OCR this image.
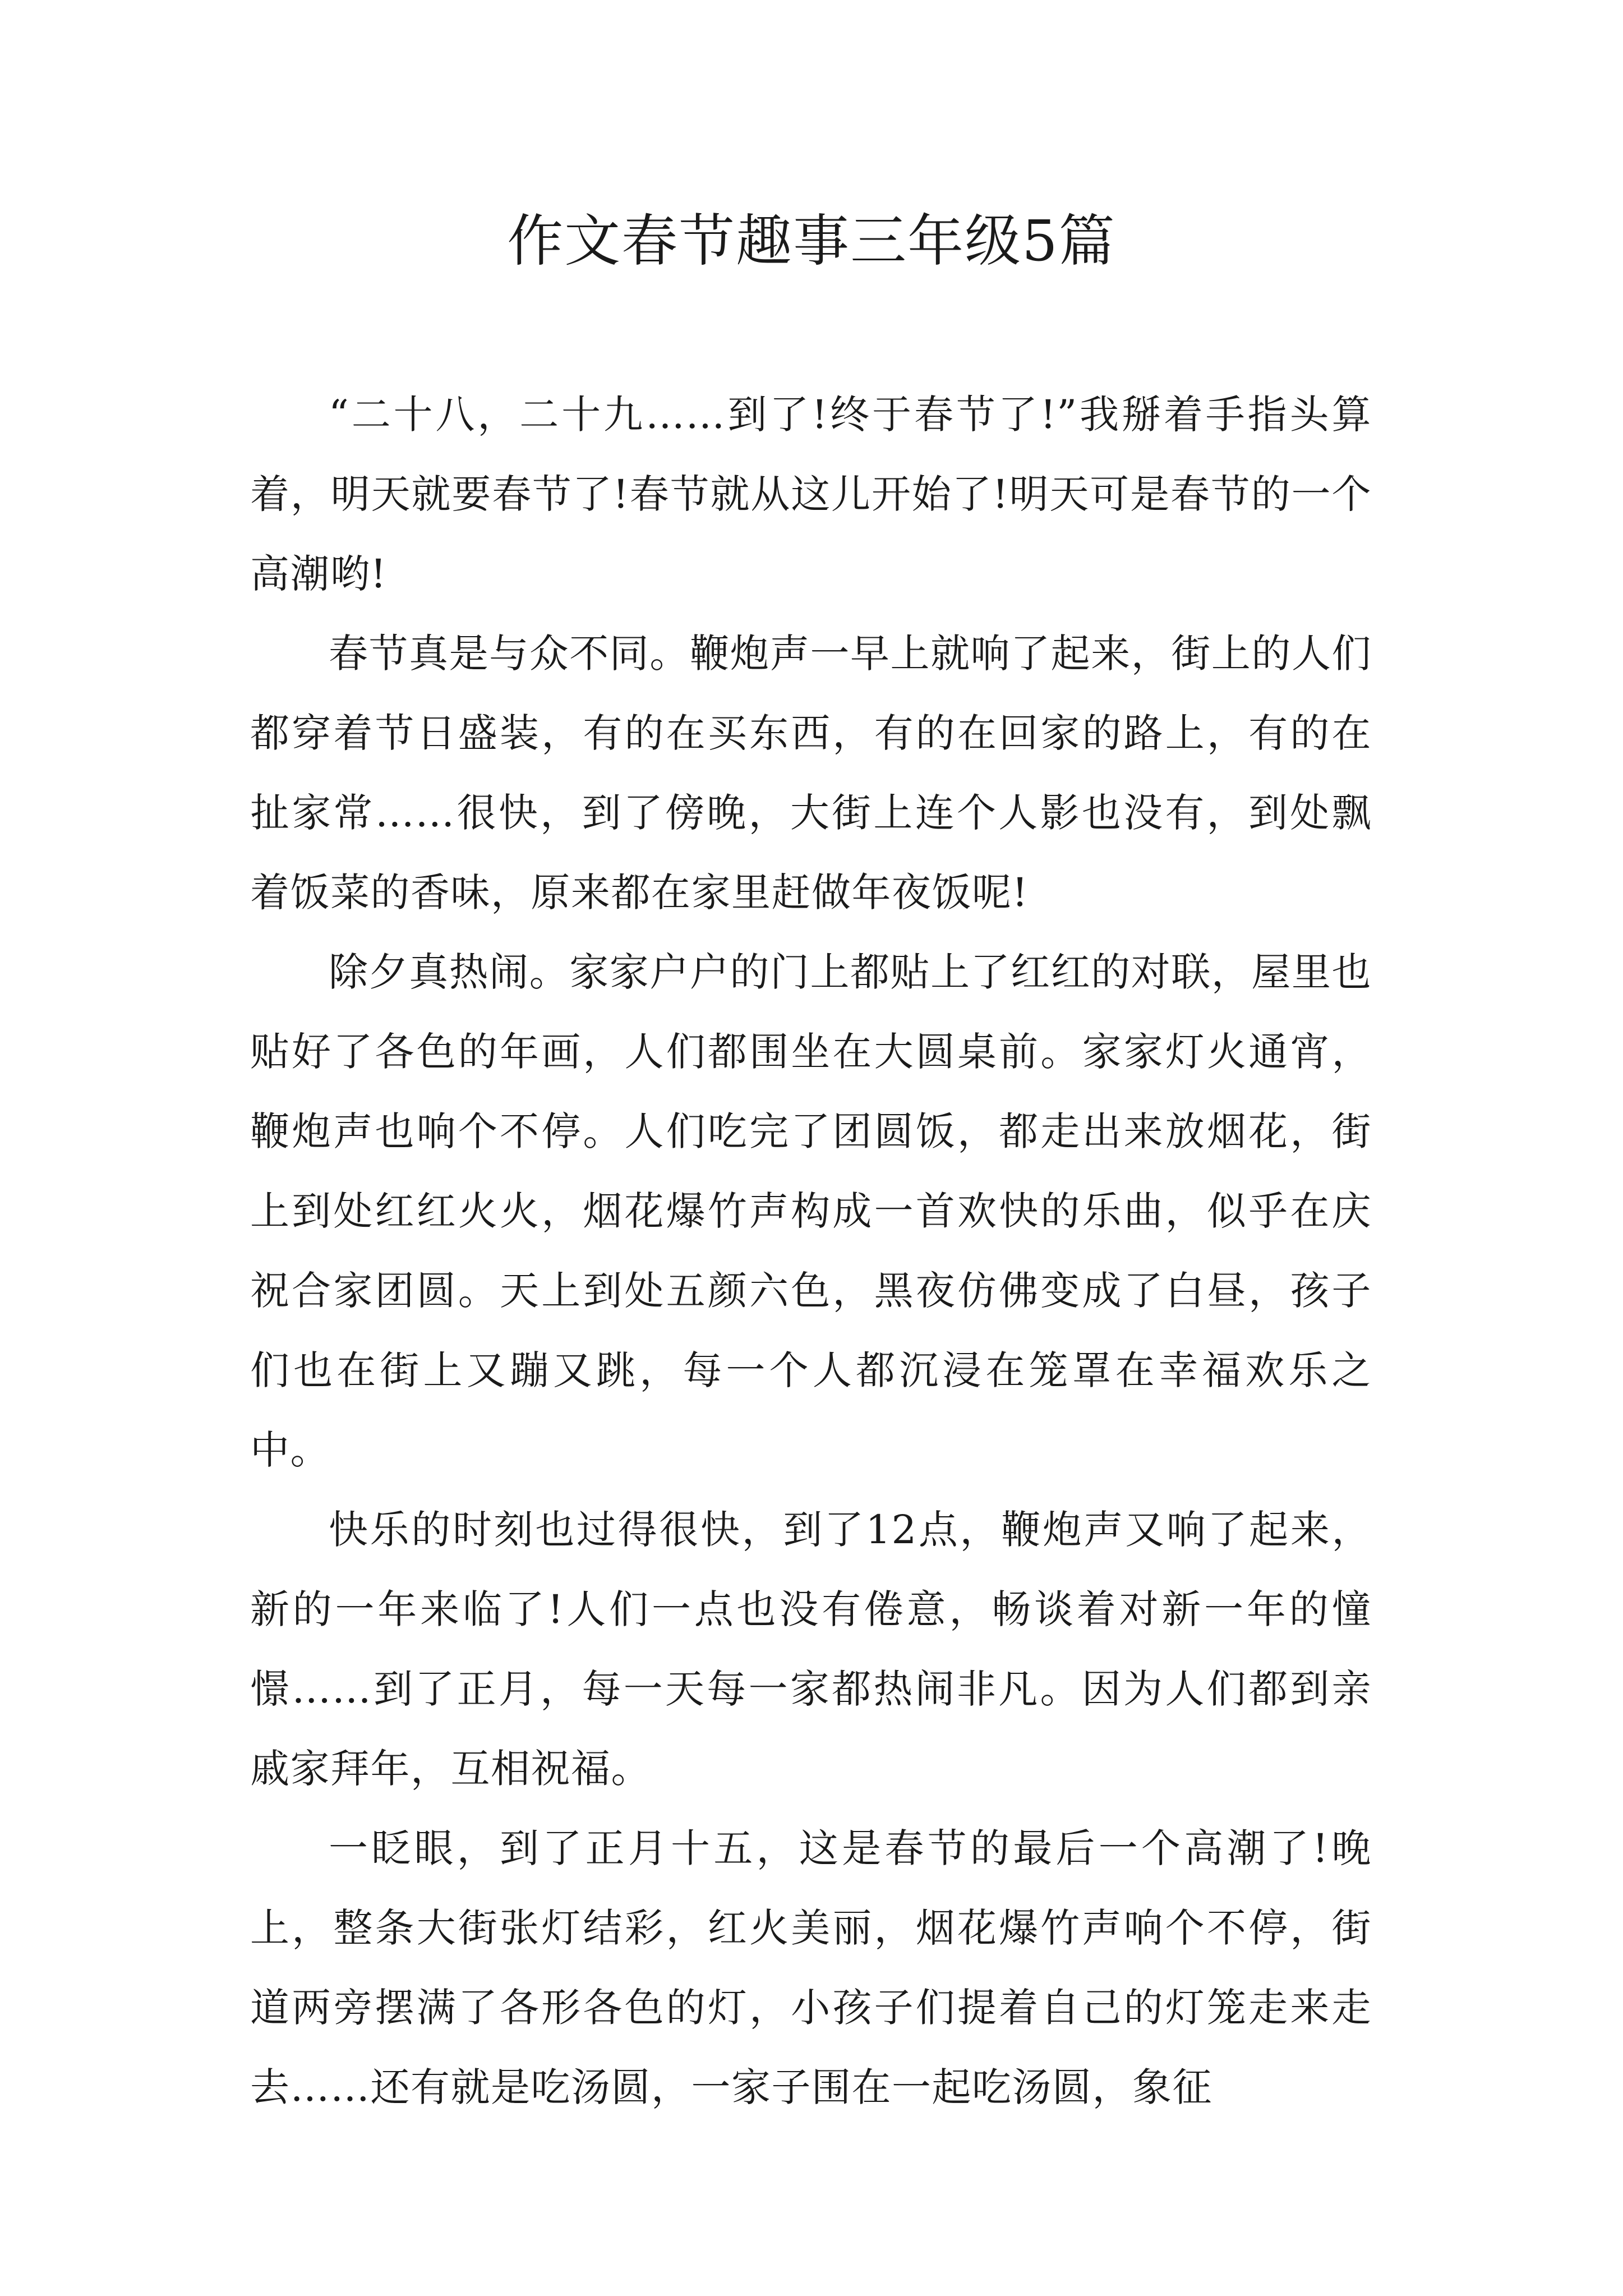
作文春节趣事三年级5篇

“二十八，二十九……到了!终于春节了!”我掰着手指头算着，明天就要春节了!春节就从这儿开始了!明天可是春节的一个高潮哟!

春节真是与众不同。鞭炮声一早上就响了起来，街上的人们都穿着节日盛装，有的在买东西，有的在回家的路上，有的在扯家常……很快，到了傍晚，大街上连个人影也没有，到处飘着饭菜的香味，原来都在家里赶做年夜饭呢!

除夕真热闹。家家户户的门上都贴上了红红的对联，屋里也贴好了各色的年画，人们都围坐在大圆桌前。家家灯火通宵，鞭炮声也响个不停。人们吃完了团圆饭，都走出来放烟花，街上到处红红火火，烟花爆竹声构成一首欢快的乐曲，似乎在庆祝合家团圆。天上到处五颜六色，黑夜仿佛变成了白昼，孩子们也在街上又蹦又跳，每一个人都沉浸在笼罩在幸福欢乐之中。

快乐的时刻也过得很快，到了12点，鞭炮声又响了起来，新的一年来临了!人们一点也没有倦意，畅谈着对新一年的憧憬……到了正月，每一天每一家都热闹非凡。因为人们都到亲戚家拜年，互相祝福。

一眨眼，到了正月十五，这是春节的最后一个高潮了!晚上，整条大街张灯结彩，红火美丽，烟花爆竹声响个不停，街道两旁摆满了各形各色的灯，小孩子们提着自己的灯笼走来走去……还有就是吃汤圆，一家子围在一起吃汤圆，象征
